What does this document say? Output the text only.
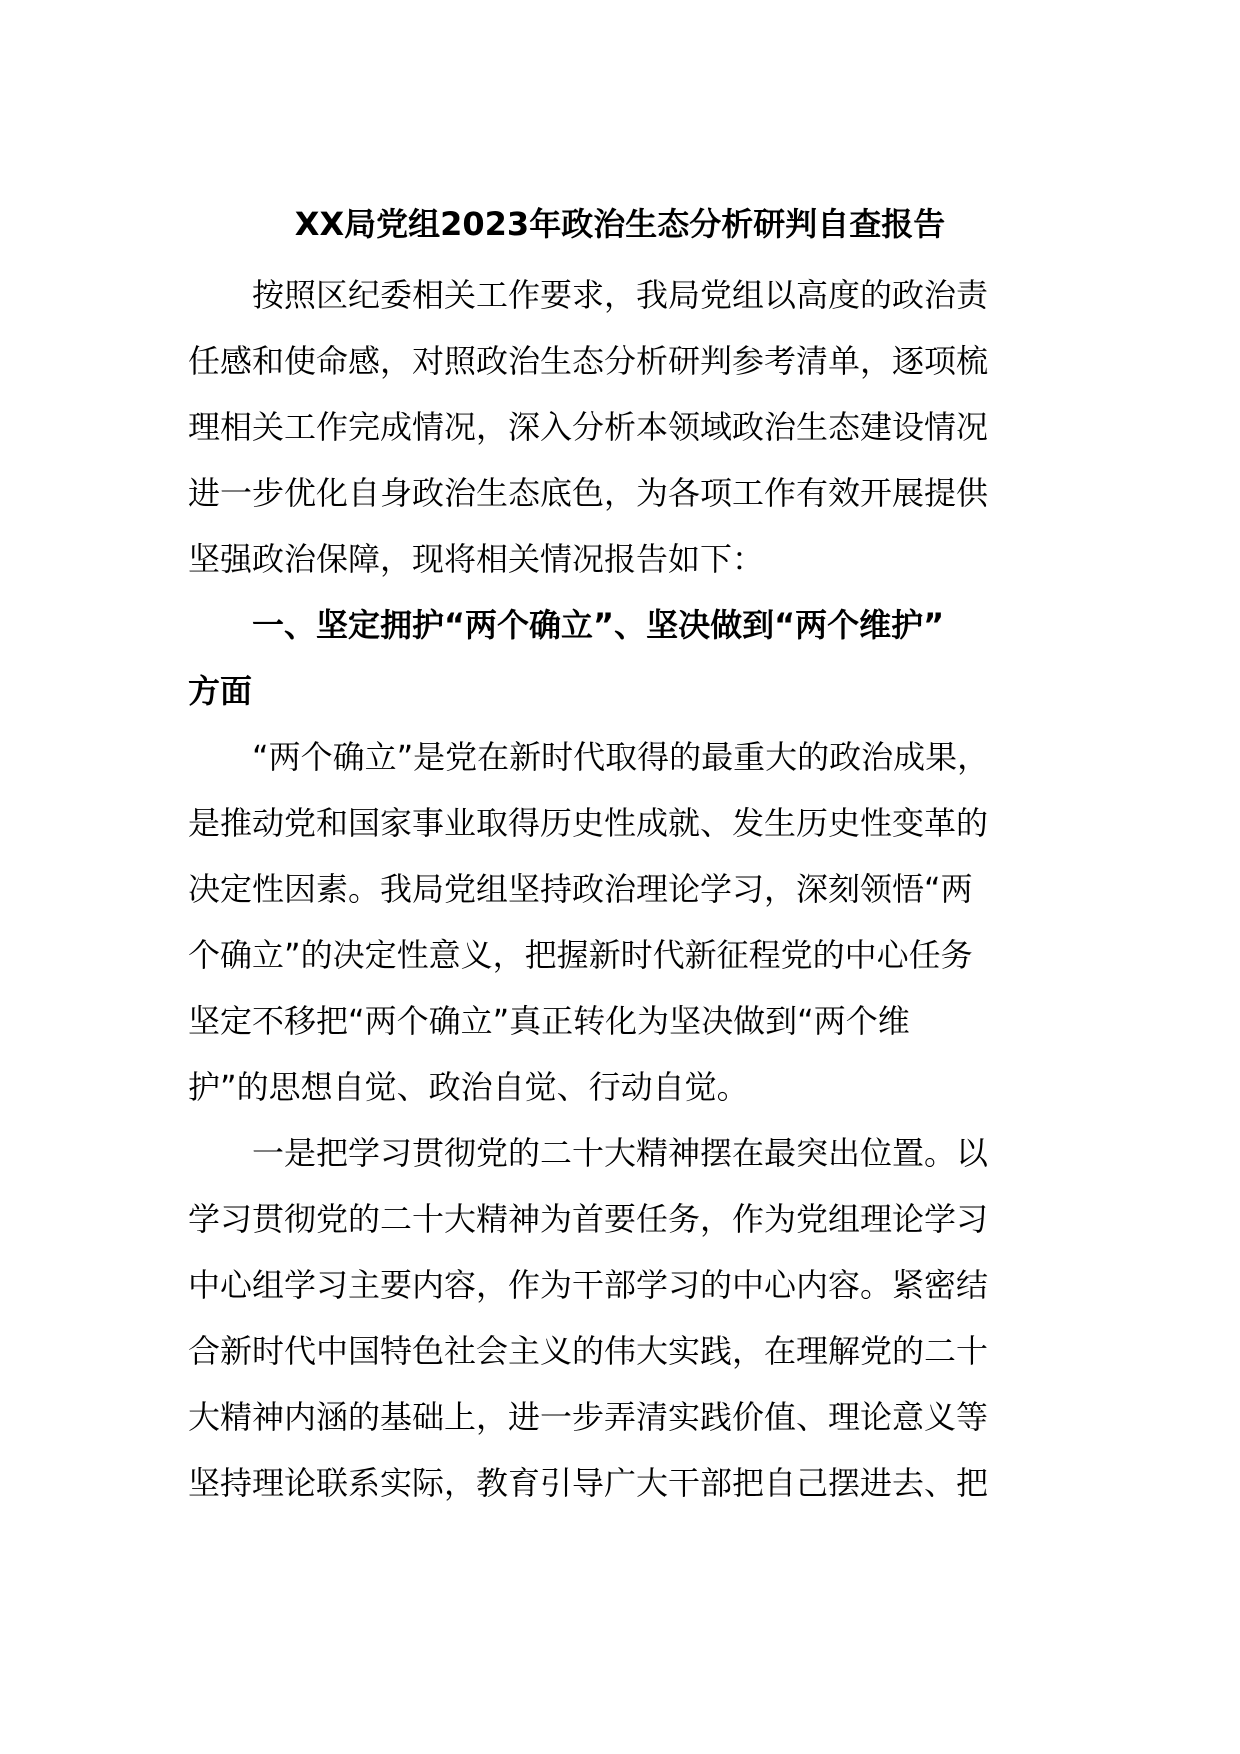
XX局党组2023年政治生态分析研判自查报告

按照区纪委相关工作要求，我局党组以高度的政治责
任感和使命感，对照政治生态分析研判参考清单，逐项梳
理相关工作完成情况，深入分析本领域政治生态建设情况
进一步优化自身政治生态底色，为各项工作有效开展提供
坚强政治保障，现将相关情况报告如下：

一、坚定拥护“两个确立”、坚决做到“两个维护”
方面

“两个确立”是党在新时代取得的最重大的政治成果，
是推动党和国家事业取得历史性成就、发生历史性变革的
决定性因素。我局党组坚持政治理论学习，深刻领悟“两
个确立”的决定性意义，把握新时代新征程党的中心任务
坚定不移把“两个确立”真正转化为坚决做到“两个维
护”的思想自觉、政治自觉、行动自觉。

一是把学习贯彻党的二十大精神摆在最突出位置。以
学习贯彻党的二十大精神为首要任务，作为党组理论学习
中心组学习主要内容，作为干部学习的中心内容。紧密结
合新时代中国特色社会主义的伟大实践，在理解党的二十
大精神内涵的基础上，进一步弄清实践价值、理论意义等
坚持理论联系实际，教育引导广大干部把自己摆进去、把
